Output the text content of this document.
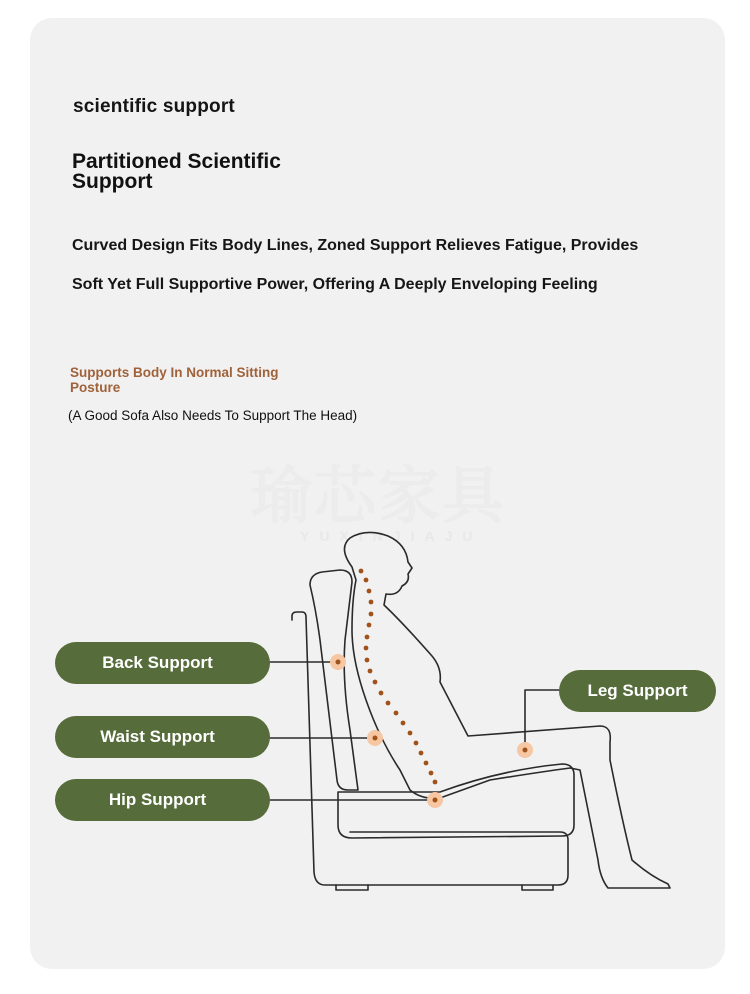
scientific support
Partitioned Scientific Support
Curved Design Fits Body Lines, Zoned Support Relieves Fatigue, Provides Soft Yet Full Supportive Power, Offering A Deeply Enveloping Feeling
Supports Body In Normal Sitting Posture
(A Good Sofa Also Needs To Support The Head)
瑜芯家具
YUXINJIAJU
Back Support
Waist Support
Hip Support
Leg Support
